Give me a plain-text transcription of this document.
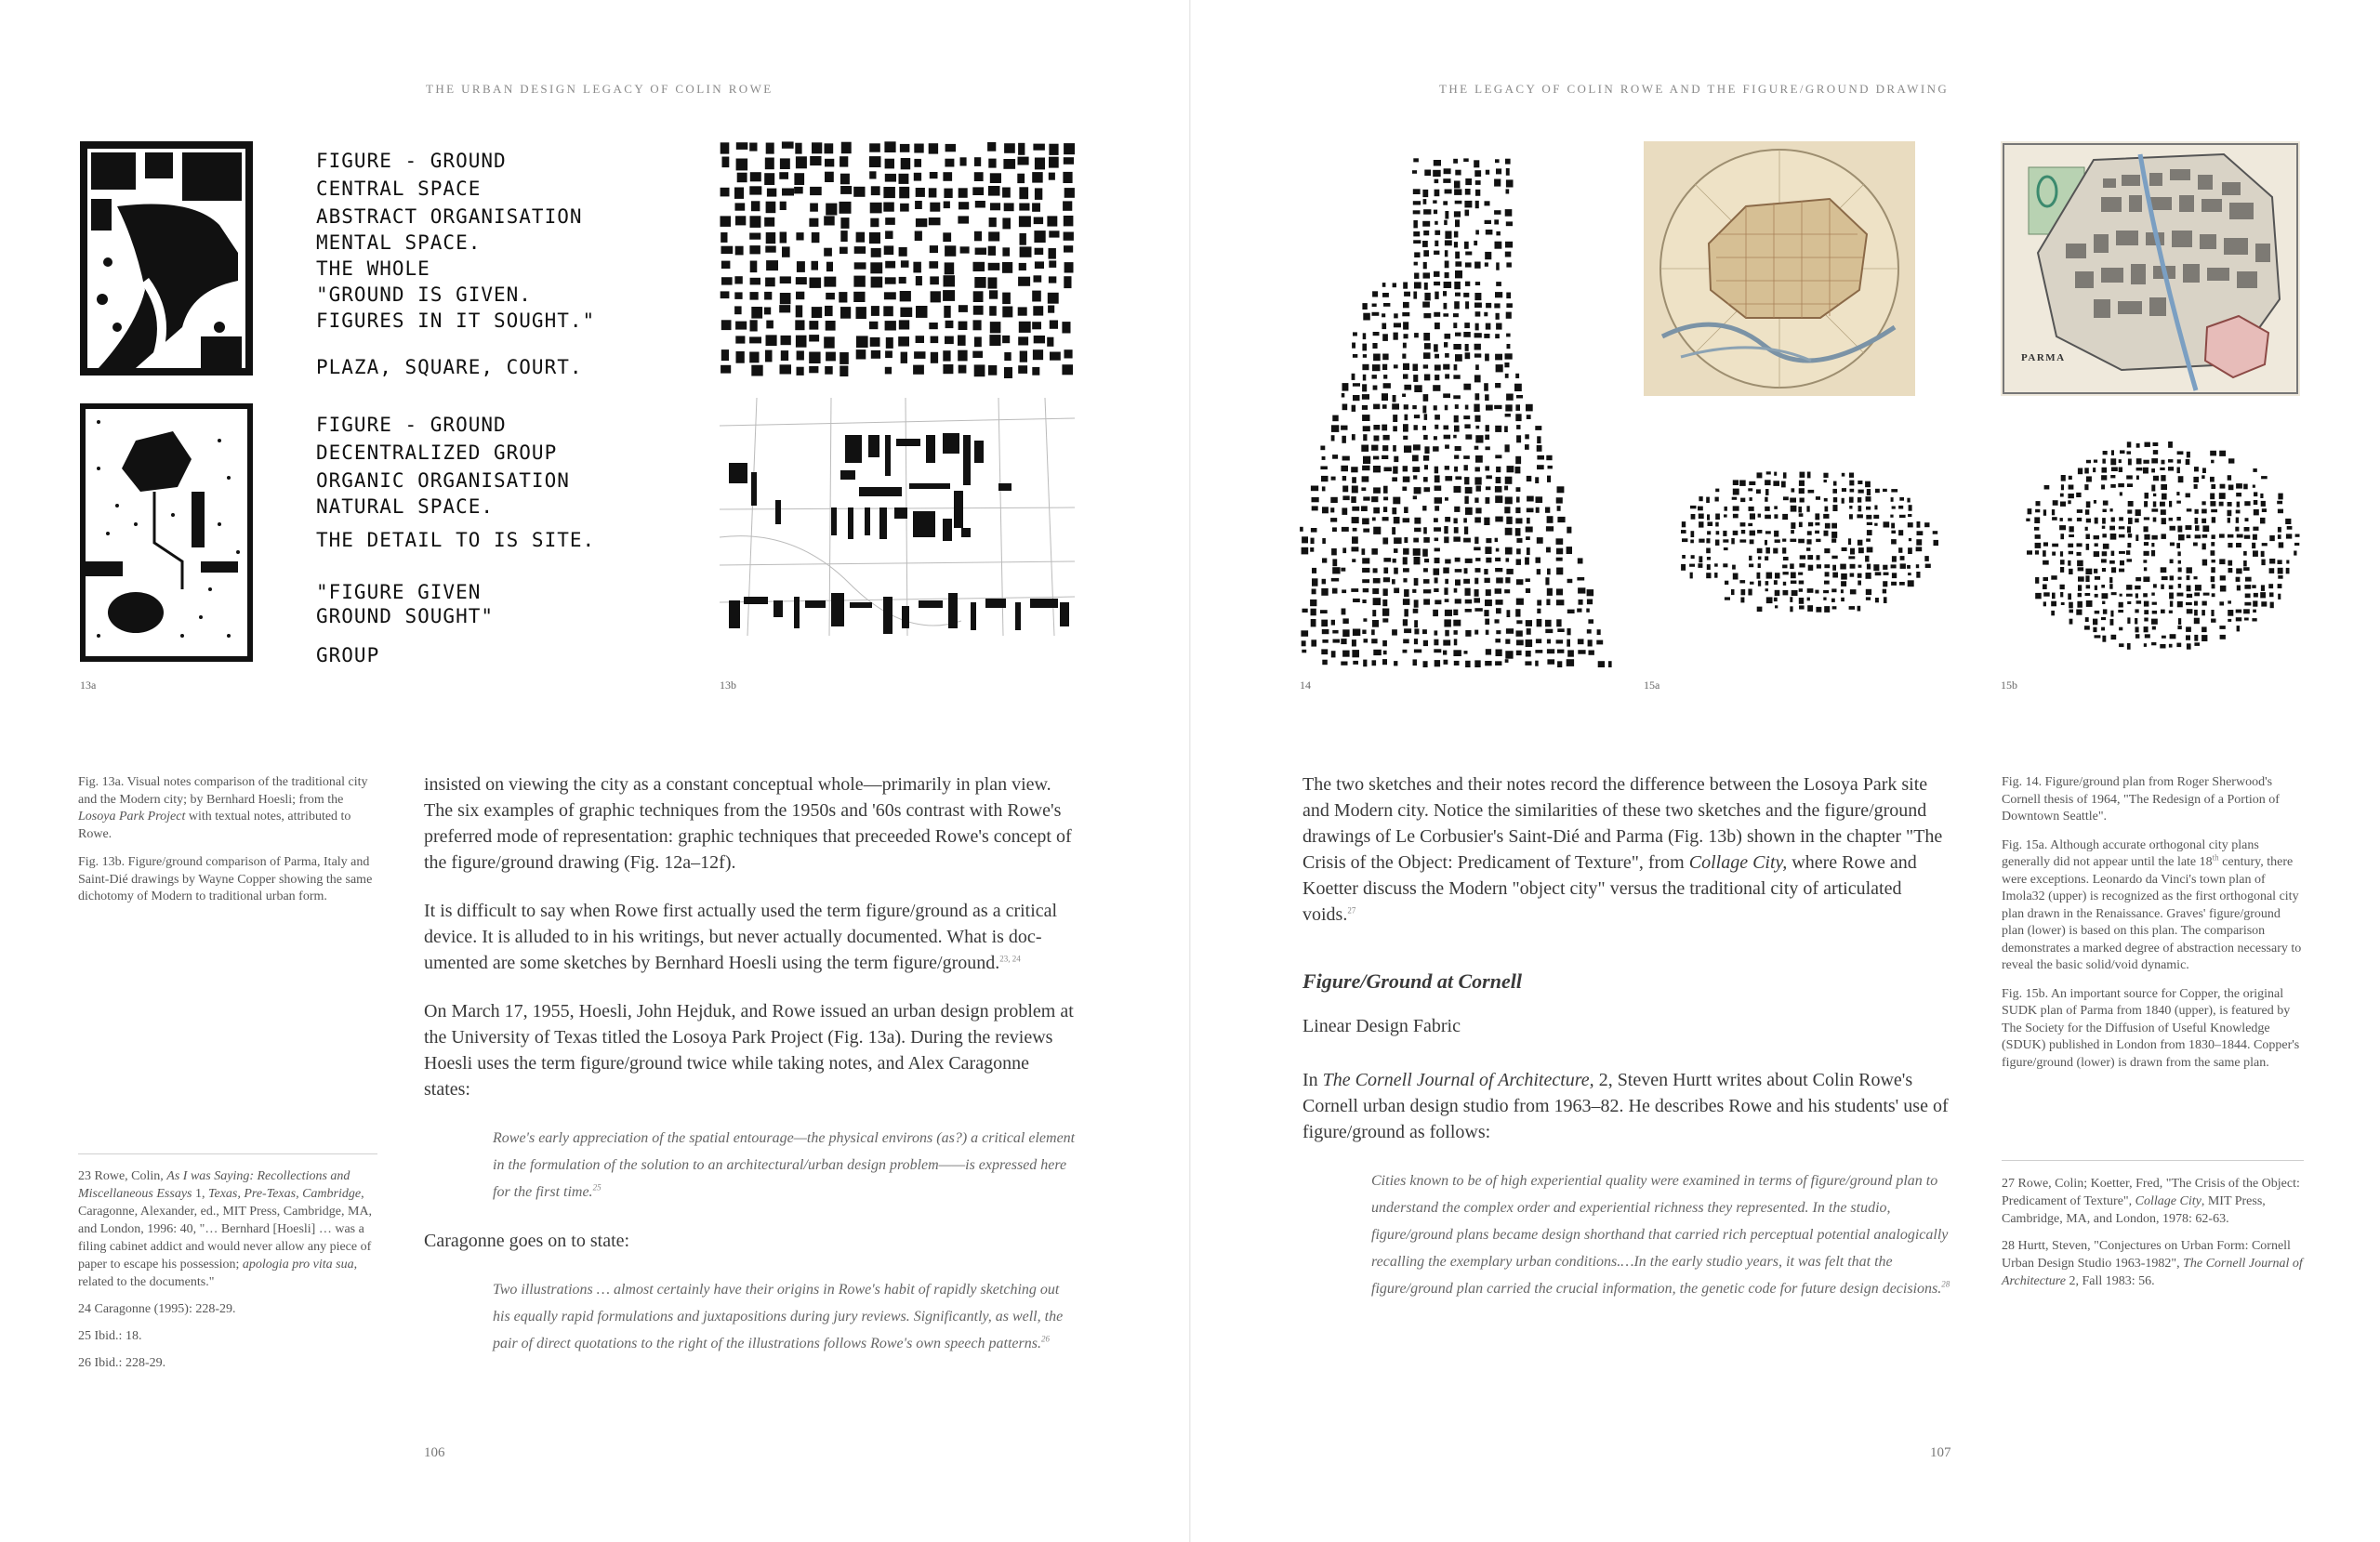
THE URBAN DESIGN LEGACY OF COLIN ROWE	THE LEGACY OF COLIN ROWE AND THE FIGURE/GROUND DRAWING
FIGURE - GROUND
CENTRAL SPACE
ABSTRACT ORGANISATION
MENTAL SPACE.
THE WHOLE
"GROUND IS GIVEN.
FIGURES IN IT SOUGHT."
PLAZA, SQUARE, COURT.
FIGURE - GROUND
DECENTRALIZED GROUP
ORGANIC ORGANISATION
NATURAL SPACE.
THE DETAIL TO IS SITE.
"FIGURE GIVEN
GROUND SOUGHT"
GROUP
13a	13b
PARMA
14	15a	15b

Fig. 13a. Visual notes comparison of the traditional city and the Modern city; by Bernhard Hoesli; from the Losoya Park Project with textual notes, attributed to Rowe.

Fig. 13b. Figure/ground comparison of Parma, Italy and Saint-Dié drawings by Wayne Copper showing the same dichotomy of Modern to traditional urban form.

insisted on viewing the city as a constant conceptual whole—primarily in plan view. The six examples of graphic techniques from the 1950s and '60s contrast with Rowe's preferred mode of representation: graphic techniques that preceeded Rowe's concept of the figure/ground drawing (Fig. 12a–12f).

It is difficult to say when Rowe first actually used the term figure/ground as a critical device. It is alluded to in his writings, but never actually documented. What is documented are some sketches by Bernhard Hoesli using the term figure/ground.$^{23, 24}$

On March 17, 1955, Hoesli, John Hejduk, and Rowe issued an urban design problem at the University of Texas titled the Losoya Park Project (Fig. 13a). During the reviews Hoesli uses the term figure/ground twice while taking notes, and Alex Caragonne states:

Rowe's early appreciation of the spatial entourage—the physical environs (as?) a critical element in the formulation of the solution to an architectural/urban design problem——is expressed here for the first time.$^{25}$

Caragonne goes on to state:

Two illustrations … almost certainly have their origins in Rowe's habit of rapidly sketching out his equally rapid formulations and juxtapositions during jury reviews. Significantly, as well, the pair of direct quotations to the right of the illustrations follows Rowe's own speech patterns.$^{26}$

23 Rowe, Colin, As I was Saying: Recollections and Miscellaneous Essays 1, Texas, Pre-Texas, Cambridge, Caragonne, Alexander, ed., MIT Press, Cambridge, MA, and London, 1996: 40, "… Bernhard [Hoesli] … was a filing cabinet addict and would never allow any piece of paper to escape his possession; apologia pro vita sua, related to the documents."

24 Caragonne (1995): 228-29.

25 Ibid.: 18.

26 Ibid.: 228-29.

106

The two sketches and their notes record the difference between the Losoya Park site and Modern city. Notice the similarities of these two sketches and the figure/ground drawings of Le Corbusier's Saint-Dié and Parma (Fig. 13b) shown in the chapter "The Crisis of the Object: Predicament of Texture", from Collage City, where Rowe and Koetter discuss the Modern "object city" versus the traditional city of articulated voids.$^{27}$

Figure/Ground at Cornell

Linear Design Fabric

In The Cornell Journal of Architecture, 2, Steven Hurtt writes about Colin Rowe's Cornell urban design studio from 1963–82. He describes Rowe and his students' use of figure/ground as follows:

Cities known to be of high experiential quality were examined in terms of figure/ground plan to understand the complex order and experiential richness they represented. In the studio, figure/ground plans became design shorthand that carried rich perceptual potential analogically recalling the exemplary urban conditions.…In the early studio years, it was felt that the figure/ground plan carried the crucial information, the genetic code for future design decisions.$^{28}$

Fig. 14. Figure/ground plan from Roger Sherwood's Cornell thesis of 1964, "The Redesign of a Portion of Downtown Seattle".

Fig. 15a. Although accurate orthogonal city plans generally did not appear until the late 18th century, there were exceptions. Leonardo da Vinci's town plan of Imola32 (upper) is recognized as the first orthogonal city plan drawn in the Renaissance. Graves' figure/ground plan (lower) is based on this plan. The comparison demonstrates a marked degree of abstraction necessary to reveal the basic solid/void dynamic.

Fig. 15b. An important source for Copper, the original SUDK plan of Parma from 1840 (upper), is featured by The Society for the Diffusion of Useful Knowledge (SDUK) published in London from 1830–1844. Copper's figure/ground (lower) is drawn from the same plan.

27 Rowe, Colin; Koetter, Fred, "The Crisis of the Object: Predicament of Texture", Collage City, MIT Press, Cambridge, MA, and London, 1978: 62-63.

28 Hurtt, Steven, "Conjectures on Urban Form: Cornell Urban Design Studio 1963-1982", The Cornell Journal of Architecture 2, Fall 1983: 56.

107
